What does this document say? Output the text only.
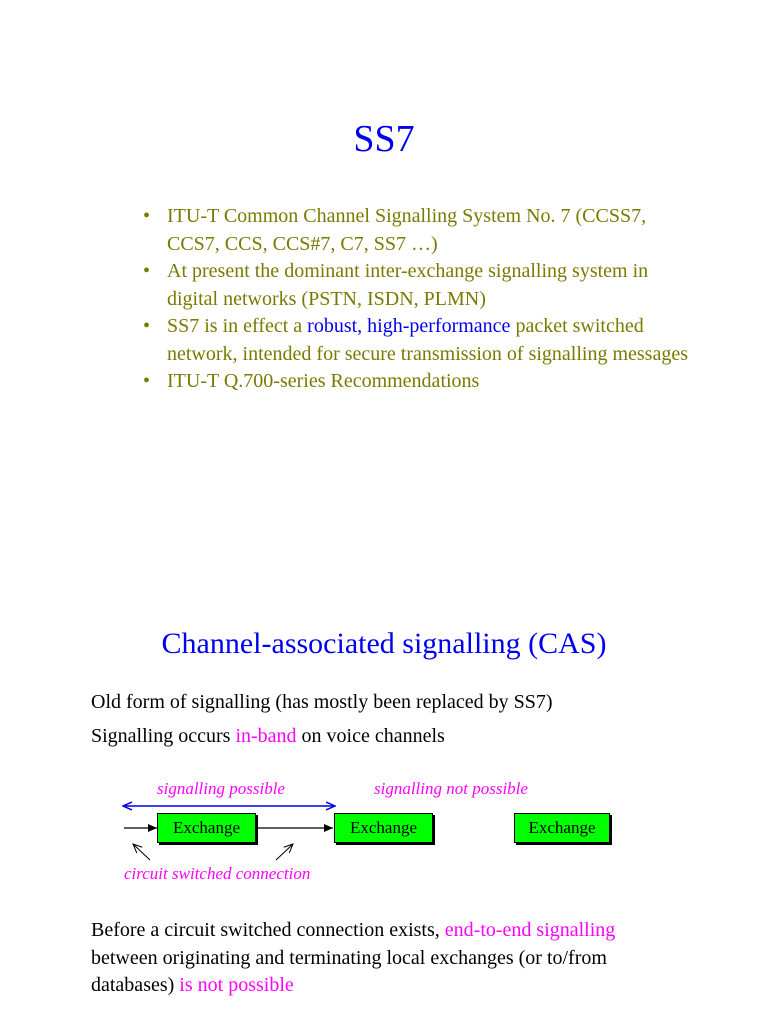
SS7
• ITU-T Common Channel Signalling System No. 7 (CCSS7, CCS7, CCS, CCS#7, C7, SS7 …)
• At present the dominant inter-exchange signalling system in digital networks (PSTN, ISDN, PLMN)
• SS7 is in effect a robust, high-performance packet switched network, intended for secure transmission of signalling messages
• ITU-T Q.700-series Recommendations
Channel-associated signalling (CAS)
Old form of signalling (has mostly been replaced by SS7)
Signalling occurs in-band on voice channels
signalling possible	signalling not possible
Exchange	Exchange	Exchange
circuit switched connection
Before a circuit switched connection exists, end-to-end signalling between originating and terminating local exchanges (or to/from databases) is not possible
